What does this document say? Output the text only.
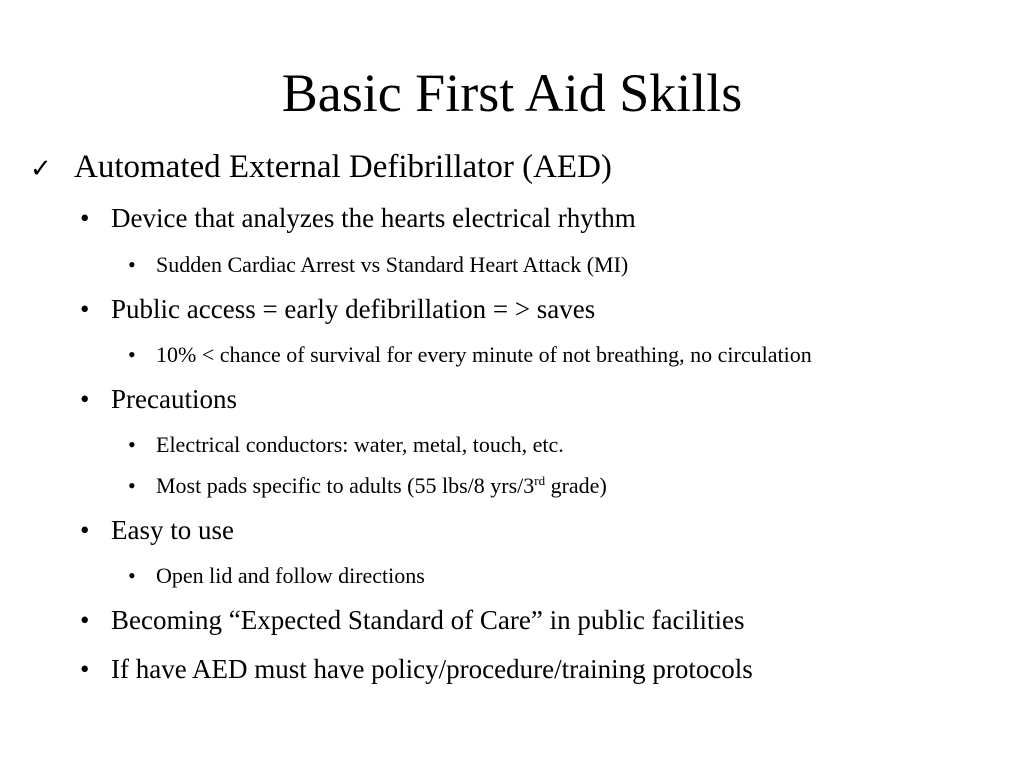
Basic First Aid Skills
✓ Automated External Defibrillator (AED)
• Device that analyzes the hearts electrical rhythm
• Sudden Cardiac Arrest vs Standard Heart Attack (MI)
• Public access = early defibrillation = > saves
• 10% < chance of survival for every minute of not breathing, no circulation
• Precautions
• Electrical conductors: water, metal, touch, etc.
• Most pads specific to adults (55 lbs/8 yrs/3rd grade)
• Easy to use
• Open lid and follow directions
• Becoming “Expected Standard of Care” in public facilities
• If have AED must have policy/procedure/training protocols
